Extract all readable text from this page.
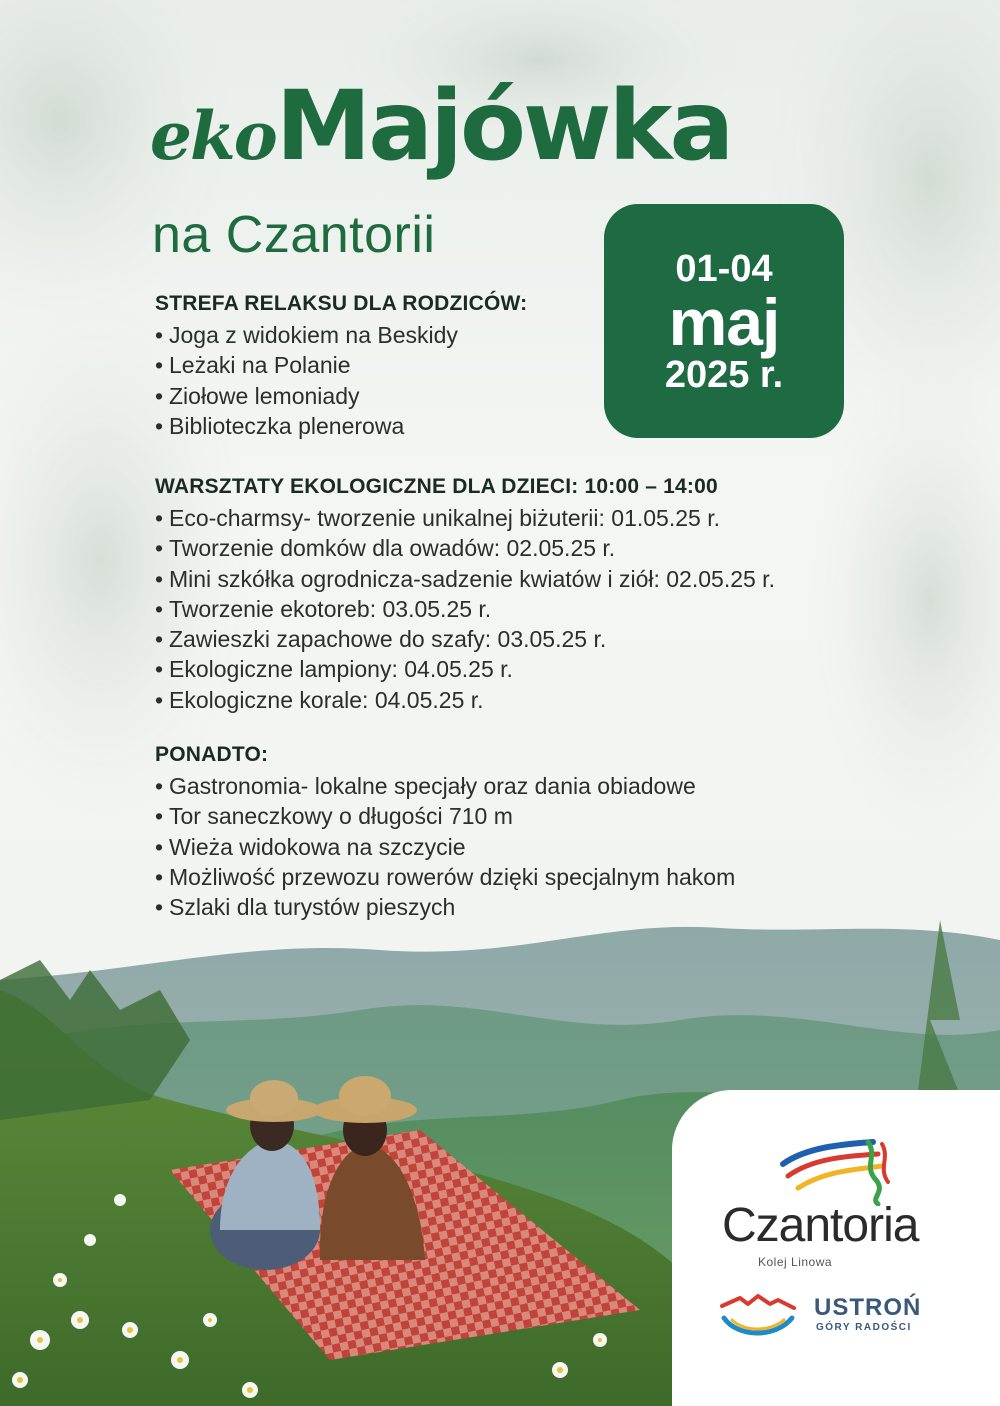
ekoMajówka
na Czantorii
01-04
maj
2025 r.
STREFA RELAKSU DLA RODZICÓW:
• Joga z widokiem na Beskidy
• Leżaki na Polanie
• Ziołowe lemoniady
• Biblioteczka plenerowa
WARSZTATY EKOLOGICZNE DLA DZIECI: 10:00 – 14:00
• Eco-charmsy- tworzenie unikalnej biżuterii: 01.05.25 r.
• Tworzenie domków dla owadów: 02.05.25 r.
• Mini szkółka ogrodnicza-sadzenie kwiatów i ziół: 02.05.25 r.
• Tworzenie ekotoreb: 03.05.25 r.
• Zawieszki zapachowe do szafy: 03.05.25 r.
• Ekologiczne lampiony: 04.05.25 r.
• Ekologiczne korale: 04.05.25 r.
PONADTO:
• Gastronomia- lokalne specjały oraz dania obiadowe
• Tor saneczkowy o długości 710 m
• Wieża widokowa na szczycie
• Możliwość przewozu rowerów dzięki specjalnym hakom
• Szlaki dla turystów pieszych
Czantoria
Kolej Linowa
USTROŃ
GÓRY RADOŚCI
